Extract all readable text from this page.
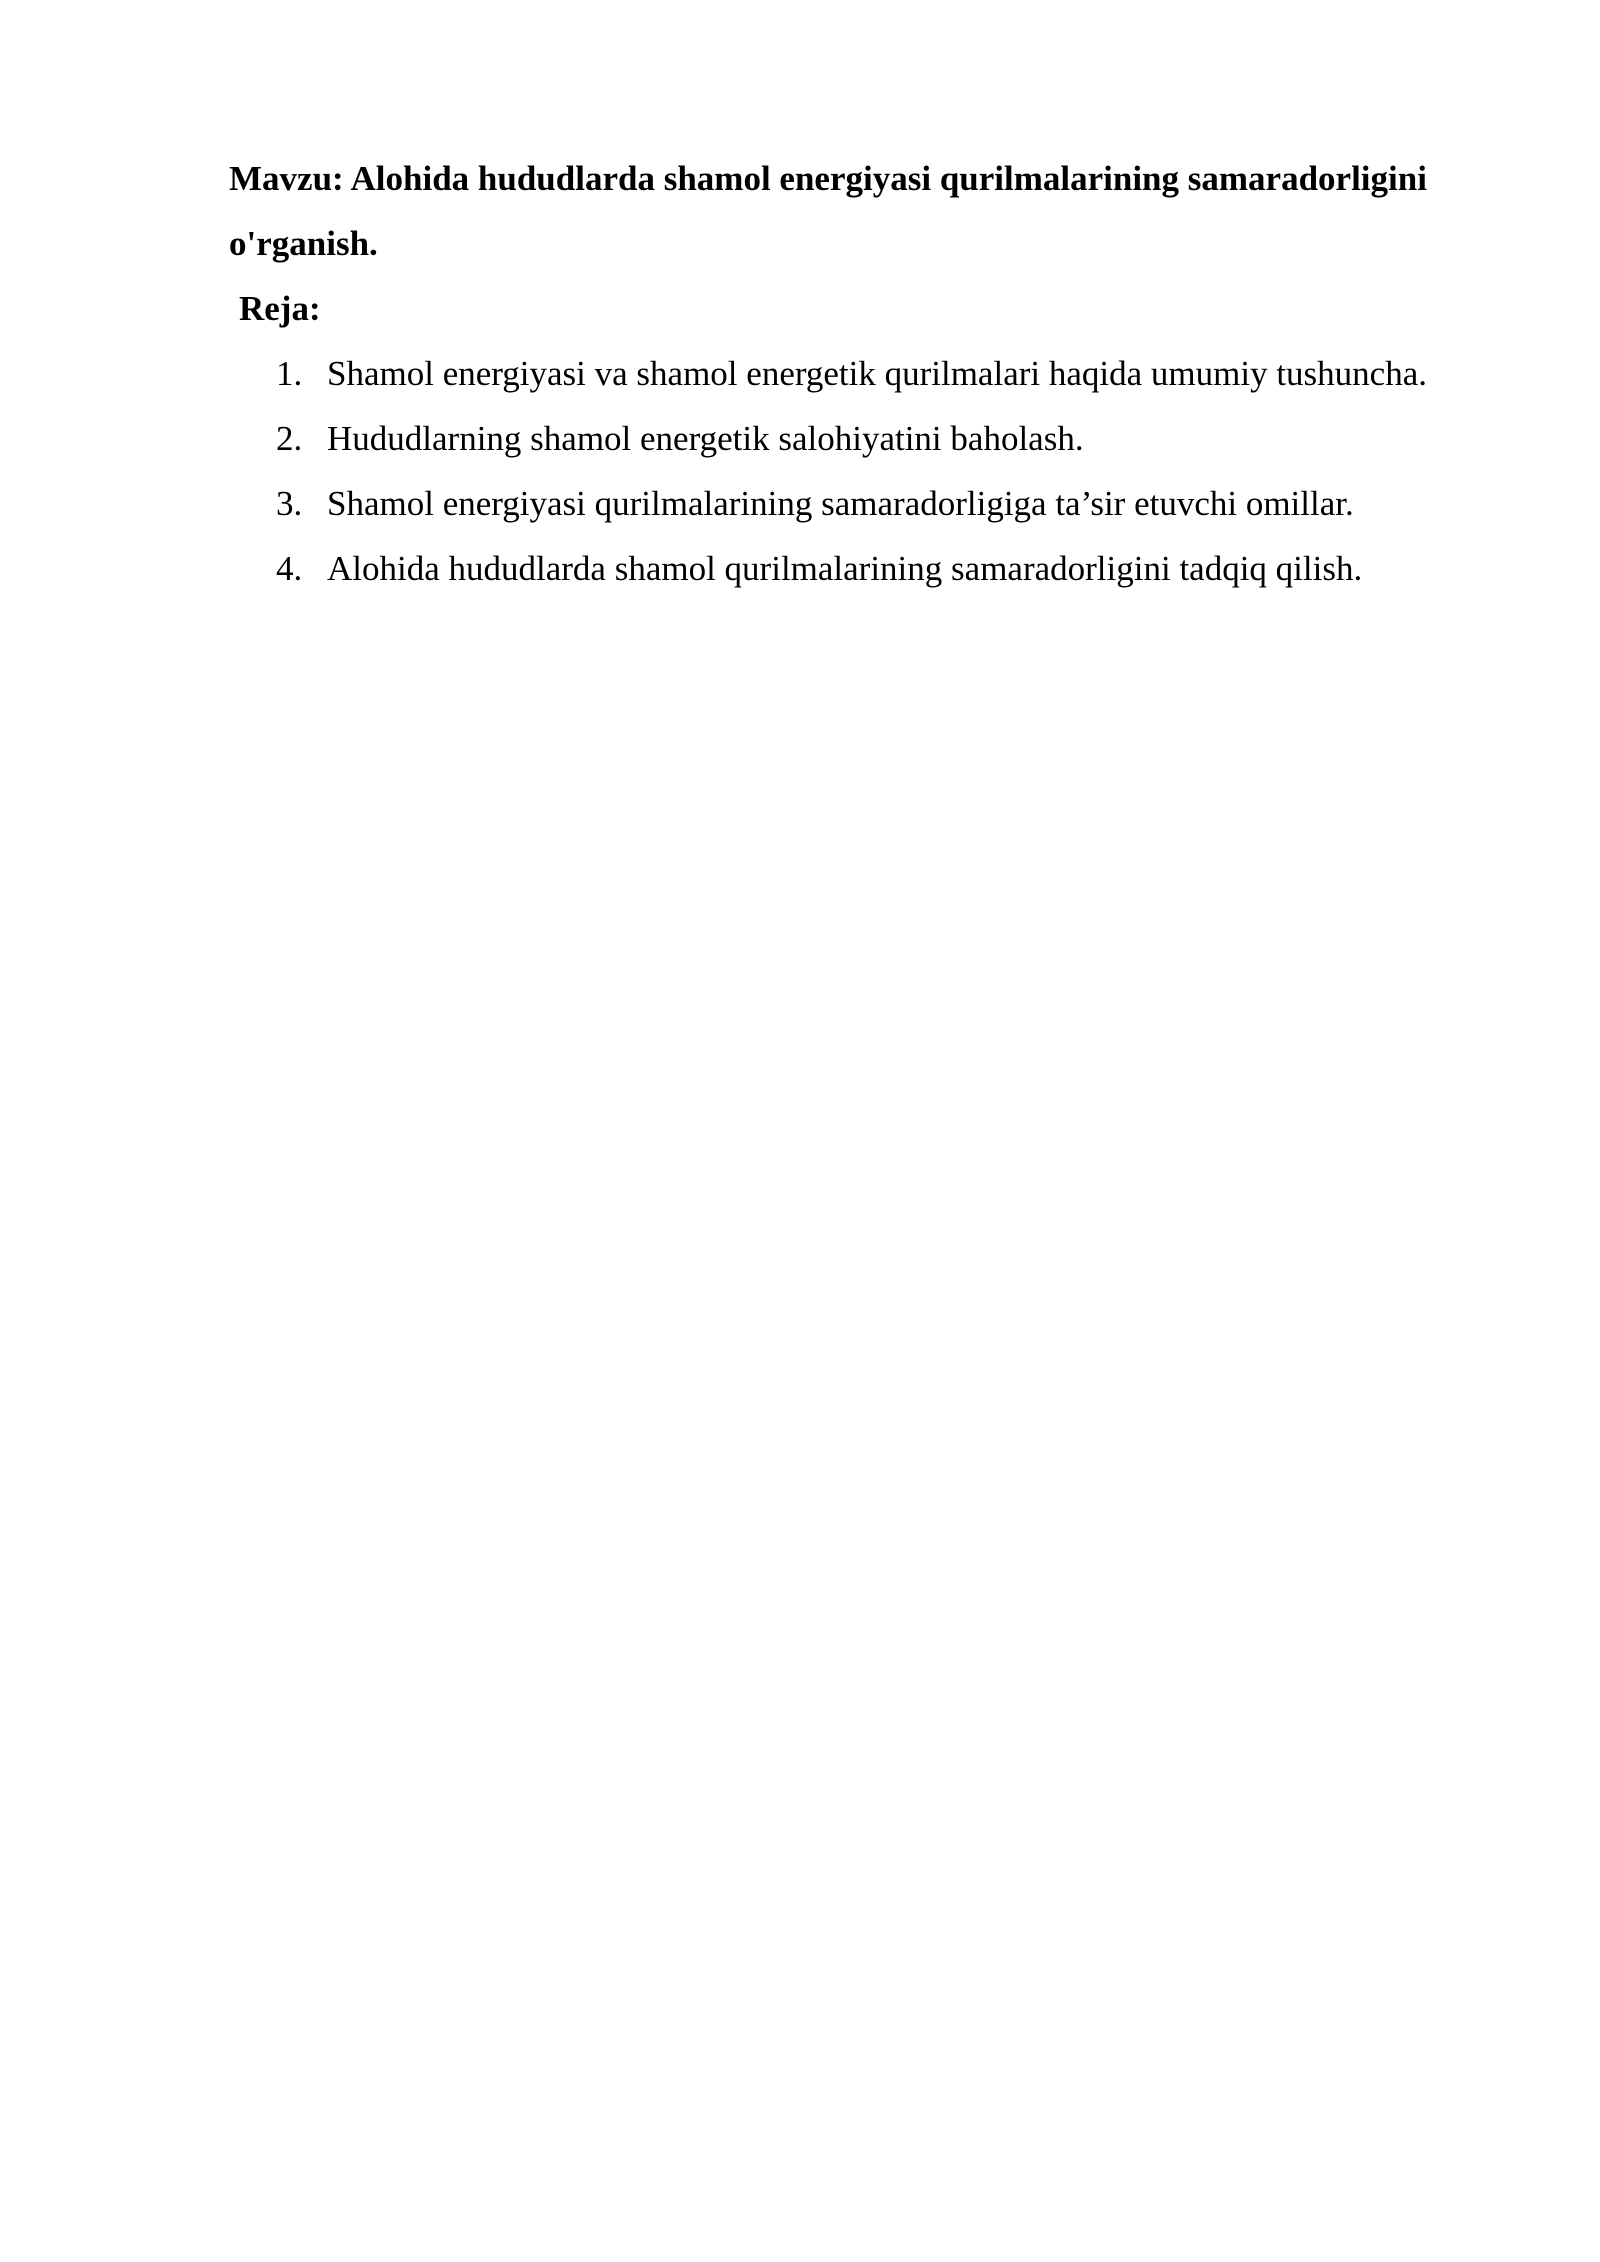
Mavzu: Alohida hududlarda shamol energiyasi qurilmalarining samaradorligini o'rganish.

Reja:

1. Shamol energiyasi va shamol energetik qurilmalari haqida umumiy tushuncha.
2. Hududlarning shamol energetik salohiyatini baholash.
3. Shamol energiyasi qurilmalarining samaradorligiga ta’sir etuvchi omillar.
4. Alohida hududlarda shamol qurilmalarining samaradorligini tadqiq qilish.
